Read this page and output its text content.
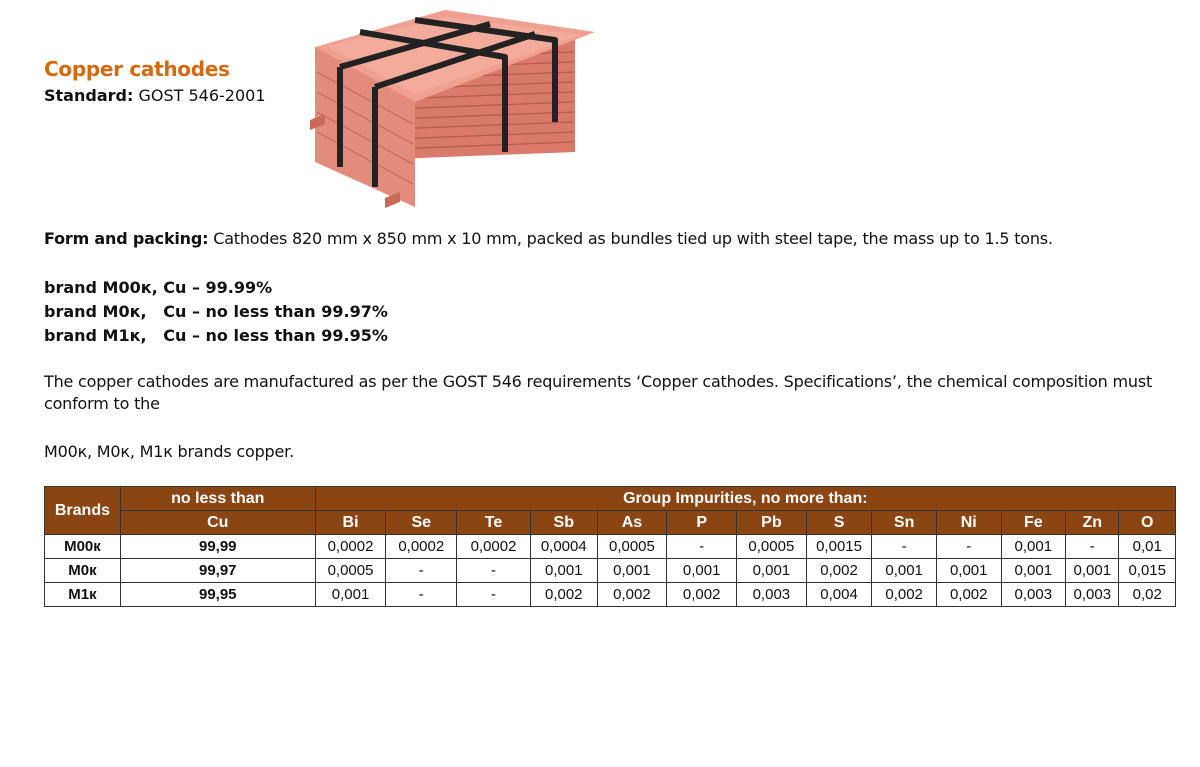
Copper cathodes
Standard: GOST 546-2001
Form and packing: Cathodes 820 mm x 850 mm x 10 mm, packed as bundles tied up with steel tape, the mass up to 1.5 tons.
brand M00к, Cu – 99.99%
brand M0к,   Cu – no less than 99.97%
brand M1к,   Cu – no less than 99.95%
The copper cathodes are manufactured as per the GOST 546 requirements ‘Copper cathodes. Specifications’, the chemical composition must conform to the
M00к, M0к, M1к brands copper.
Brands	no less than	Group Impurities, no more than:												
	Cu	Bi	Se	Te	Sb	As	P	Pb	S	Sn	Ni	Fe	Zn	O
M00к	99,99	0,0002	0,0002	0,0002	0,0004	0,0005	-	0,0005	0,0015	-	-	0,001	-	0,01
M0к	99,97	0,0005	-	-	0,001	0,001	0,001	0,001	0,002	0,001	0,001	0,001	0,001	0,015
M1к	99,95	0,001	-	-	0,002	0,002	0,002	0,003	0,004	0,002	0,002	0,003	0,003	0,02
